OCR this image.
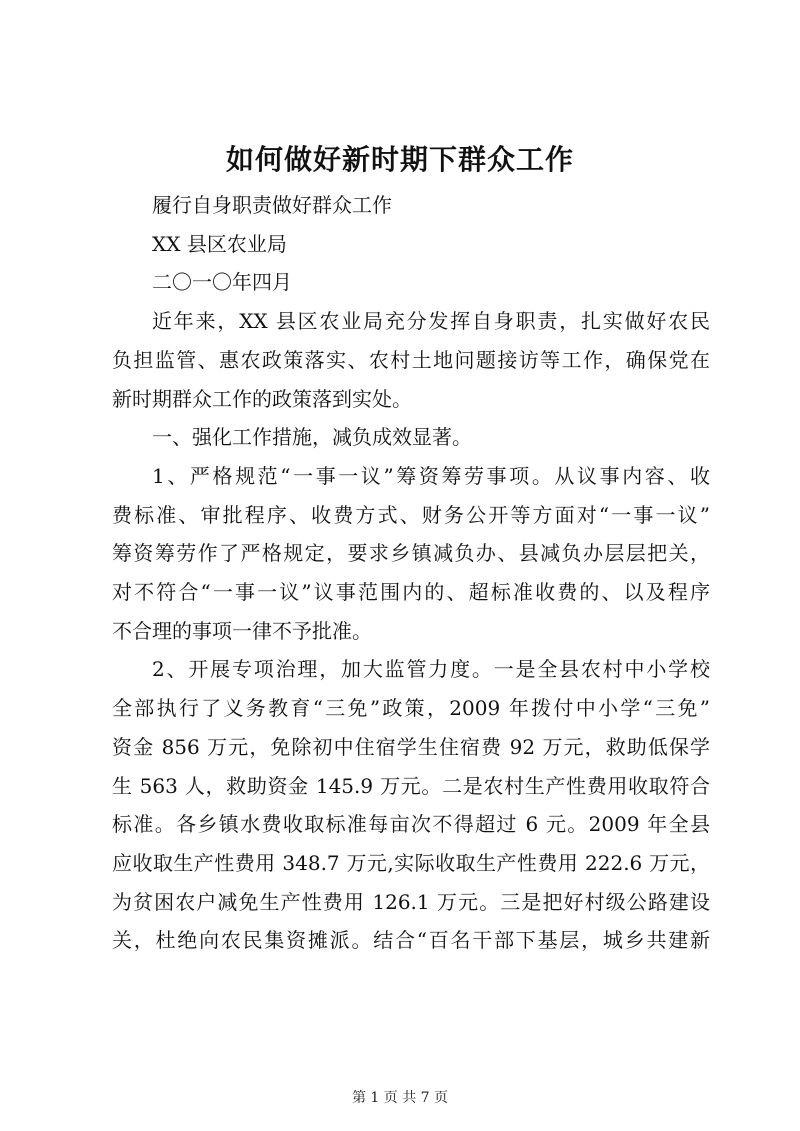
如何做好新时期下群众工作
履行自身职责做好群众工作
XX 县区农业局
二〇一〇年四月
近年来，XX 县区农业局充分发挥自身职责，扎实做好农民
负担监管、惠农政策落实、农村土地问题接访等工作，确保党在
新时期群众工作的政策落到实处。
一、强化工作措施，减负成效显著。
1、严格规范“一事一议”筹资筹劳事项。从议事内容、收
费标准、审批程序、收费方式、财务公开等方面对“一事一议”
筹资筹劳作了严格规定，要求乡镇减负办、县减负办层层把关，
对不符合“一事一议”议事范围内的、超标准收费的、以及程序
不合理的事项一律不予批准。
2、开展专项治理，加大监管力度。一是全县农村中小学校
全部执行了义务教育“三免”政策，2009 年拨付中小学“三免”
资金 856 万元，免除初中住宿学生住宿费 92 万元，救助低保学
生 563 人，救助资金 145.9 万元。二是农村生产性费用收取符合
标准。各乡镇水费收取标准每亩次不得超过 6 元。2009 年全县
应收取生产性费用 348.7 万元,实际收取生产性费用 222.6 万元，
为贫困农户减免生产性费用 126.1 万元。三是把好村级公路建设
关，杜绝向农民集资摊派。结合“百名干部下基层，城乡共建新
第 1 页 共 7 页
